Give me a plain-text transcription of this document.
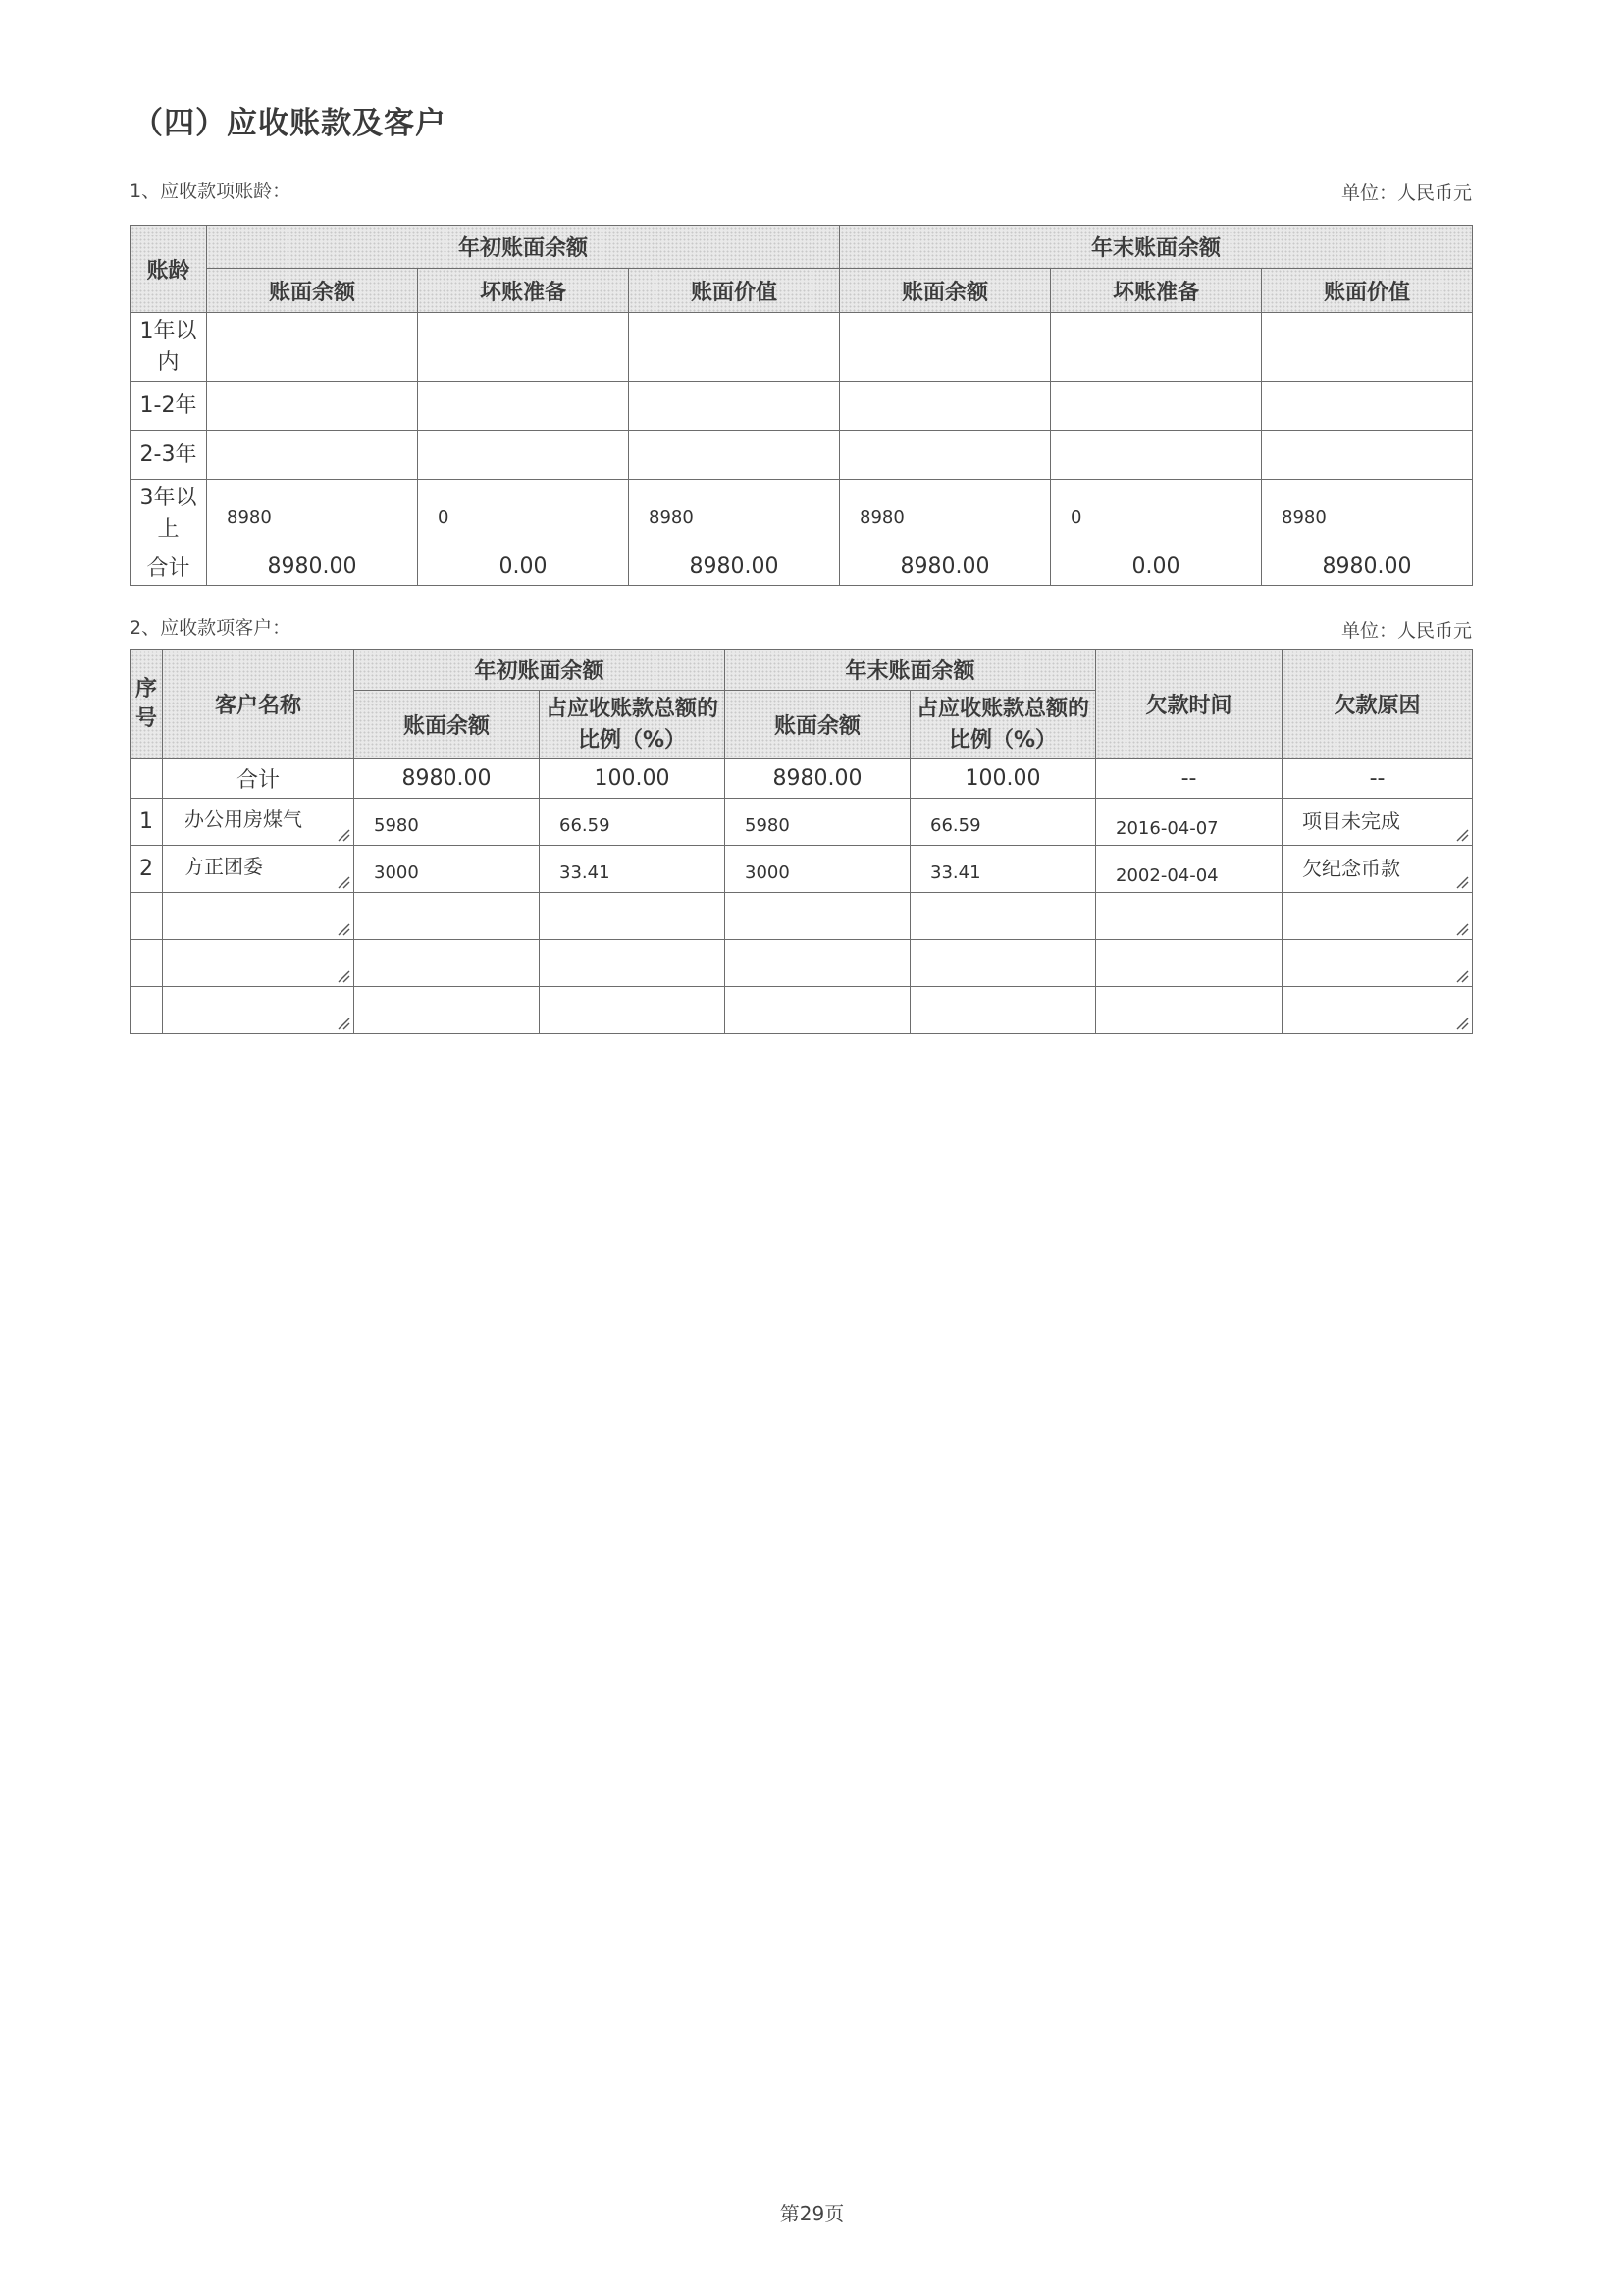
（四）应收账款及客户
1、应收款项账龄：	单位：人民币元
账龄	年初账面余额			年末账面余额		
	账面余额	坏账准备	账面价值	账面余额	坏账准备	账面价值
1年以内						
1-2年						
2-3年						
3年以上	8980	0	8980	8980	0	8980
合计	8980.00	0.00	8980.00	8980.00	0.00	8980.00
2、应收款项客户：	单位：人民币元
序号	客户名称	年初账面余额		年末账面余额		欠款时间	欠款原因
		账面余额	占应收账款总额的比例（%）	账面余额	占应收账款总额的比例（%）		
	合计	8980.00	100.00	8980.00	100.00	--	--
1	办公用房煤气	5980	66.59	5980	66.59	2016-04-07	项目未完成

2	方正团委	3000	33.41	3000	33.41	2002-04-04	欠纪念币款

第29页
